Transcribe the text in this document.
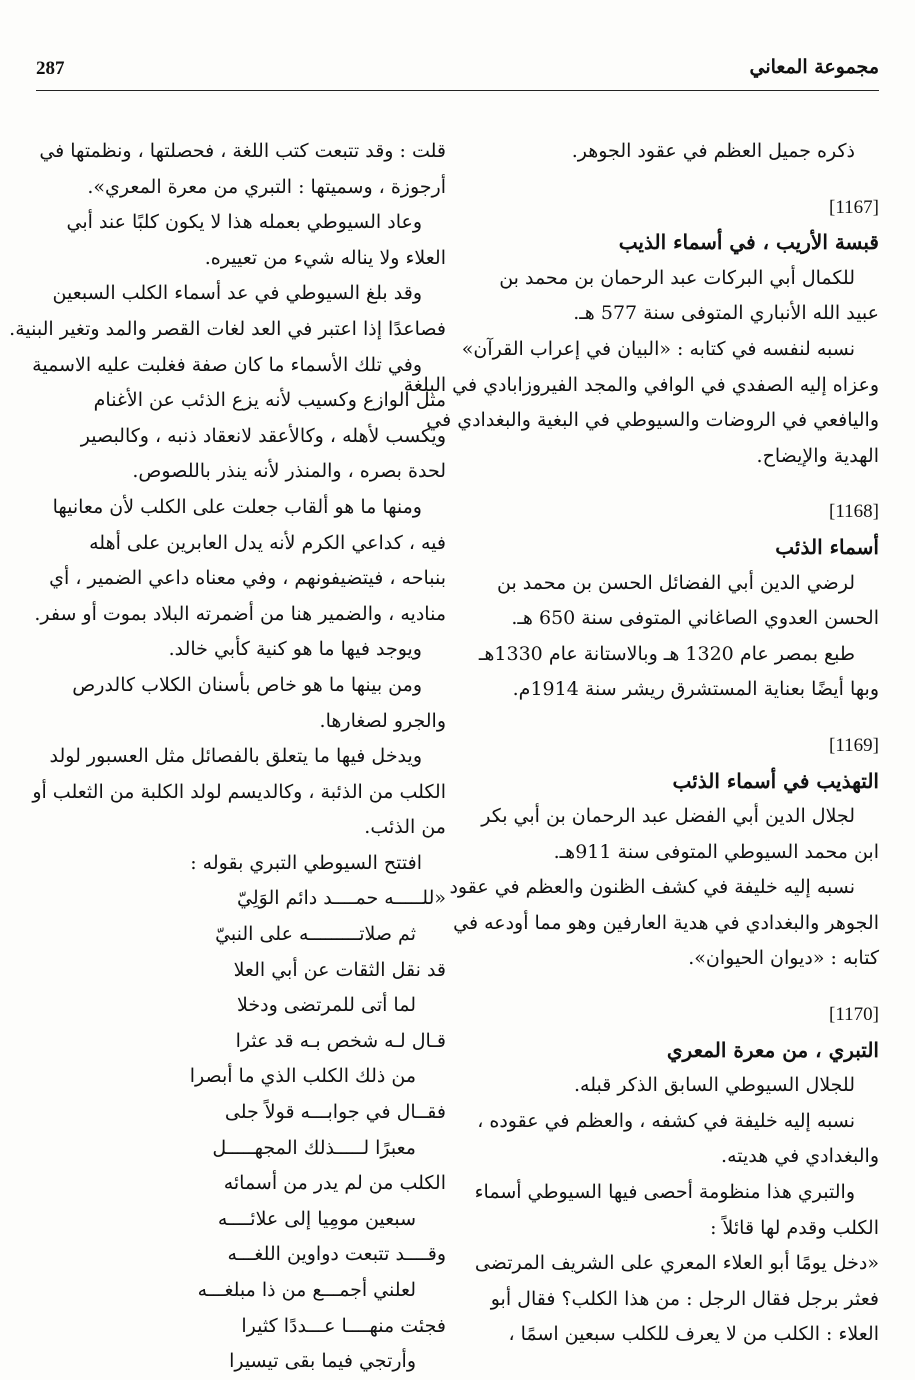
287	مجموعة المعاني
ذكره جميل العظم في عقود الجوهر.
[1167]
قبسة الأريب ، في أسماء الذيب
للكمال أبي البركات عبد الرحمان بن محمد بن
عبيد الله الأنباري المتوفى سنة 577 هـ.
نسبه لنفسه في كتابه : «البيان في إعراب القرآن»
وعزاه إليه الصفدي في الوافي والمجد الفيروزابادي في البلغة
واليافعي في الروضات والسيوطي في البغية والبغدادي في
الهدية والإيضاح.
[1168]
أسماء الذئب
لرضي الدين أبي الفضائل الحسن بن محمد بن
الحسن العدوي الصاغاني المتوفى سنة 650 هـ.
طبع بمصر عام 1320 هـ وبالاستانة عام 1330هـ
وبها أيضًا بعناية المستشرق ريشر سنة 1914م.
[1169]
التهذيب في أسماء الذئب
لجلال الدين أبي الفضل عبد الرحمان بن أبي بكر
ابن محمد السيوطي المتوفى سنة 911هـ.
نسبه إليه خليفة في كشف الظنون والعظم في عقود
الجوهر والبغدادي في هدية العارفين وهو مما أودعه في
كتابه : «ديوان الحيوان».
[1170]
التبري ، من معرة المعري
للجلال السيوطي السابق الذكر قبله.
نسبه إليه خليفة في كشفه ، والعظم في عقوده ،
والبغدادي في هديته.
والتبري هذا منظومة أحصى فيها السيوطي أسماء
الكلب وقدم لها قائلاً :
«دخل يومًا أبو العلاء المعري على الشريف المرتضى
فعثر برجل فقال الرجل : من هذا الكلب؟ فقال أبو
العلاء : الكلب من لا يعرف للكلب سبعين اسمًا ،
قلت : وقد تتبعت كتب اللغة ، فحصلتها ، ونظمتها في
أرجوزة ، وسميتها : التبري من معرة المعري».
وعاد السيوطي بعمله هذا لا يكون كلبًا عند أبي
العلاء ولا يناله شيء من تعييره.
وقد بلغ السيوطي في عد أسماء الكلب السبعين
فصاعدًا إذا اعتبر في العد لغات القصر والمد وتغير البنية.
وفي تلك الأسماء ما كان صفة فغلبت عليه الاسمية
مثل الوازع وكسيب لأنه يزع الذئب عن الأغنام
ويكسب لأهله ، وكالأعقد لانعقاد ذنبه ، وكالبصير
لحدة بصره ، والمنذر لأنه ينذر باللصوص.
ومنها ما هو ألقاب جعلت على الكلب لأن معانيها
فيه ، كداعي الكرم لأنه يدل العابرين على أهله
بنباحه ، فيتضيفونهم ، وفي معناه داعي الضمير ، أي
مناديه ، والضمير هنا من أضمرته البلاد بموت أو سفر.
ويوجد فيها ما هو كنية كأبي خالد.
ومن بينها ما هو خاص بأسنان الكلاب كالدرص
والجرو لصغارها.
ويدخل فيها ما يتعلق بالفصائل مثل العسبور لولد
الكلب من الذئبة ، وكالديسم لولد الكلبة من الثعلب أو
من الذئب.
افتتح السيوطي التبري بقوله :
«للـــــه حمــــد دائم الوَلِيّ
ثم صلاتـــــــــه على النبيّ
قد نقل الثقات عن أبي العلا
لما أتى للمرتضى ودخلا
قـال لـه شخص بـه قد عثرا
من ذلك الكلب الذي ما أبصرا
فقــال في جوابـــه قولاً جلى
معبرًا لـــــذلك المجهـــــل
الكلب من لم يدر من أسمائه
سبعين مومِيا إلى علائــــه
وقــــد تتبعت دواوين اللغـــه
لعلني أجمـــع من ذا مبلغـــه
فجئت منهــــا عـــددًا كثيرا
وأرتجي فيما بقى تيسيرا
